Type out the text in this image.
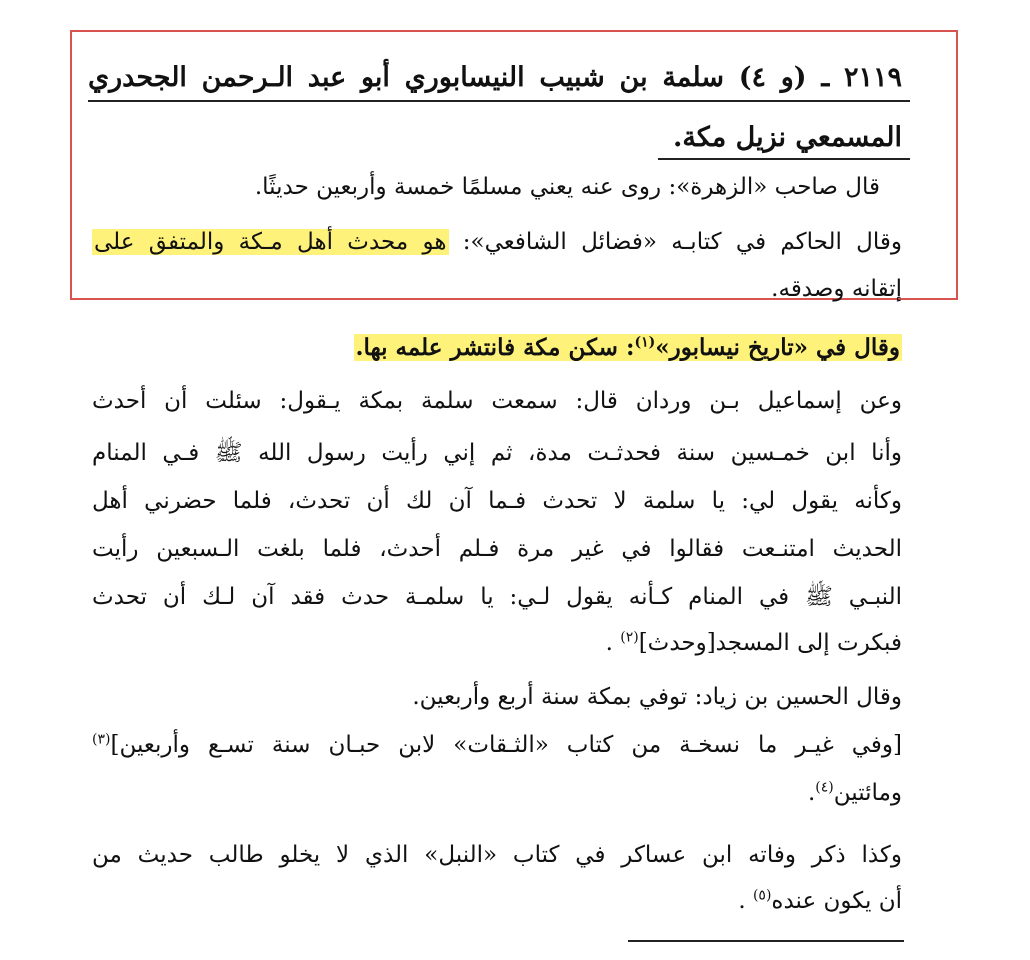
٢١١٩ ـ (و ٤) سلمة بن شبيب النيسابوري أبو عبد الـرحمن الجحدري
المسمعي نزيل مكة.
قال صاحب «الزهرة»: روى عنه يعني مسلمًا خمسة وأربعين حديثًا.
وقال الحاكم في كتابـه «فضائل الشافعي»: هو محدث أهل مـكة والمتفق على
إتقانه وصدقه.
وقال في «تاريخ نيسابور»$^{(١)}$: سكن مكة فانتشر علمه بها.
وعن إسماعيل بـن وردان قال: سمعت سلمة بمكة يـقول: سئلت أن أحدث
وأنا ابن خمـسين سنة فحدثـت مدة، ثم إني رأيت رسول الله ﷺ فـي المنام
وكأنه يقول لي: يا سلمة لا تحدث فـما آن لك أن تحدث، فلما حضرني أهل
الحديث امتنـعت فقالوا في غير مرة فـلم أحدث، فلما بلغت الـسبعين رأيت
النبـي ﷺ في المنام كـأنه يقول لـي: يا سلمـة حدث فقد آن لـك أن تحدث
فبكرت إلى المسجد[وحدث]$^{(٢)}$ .
وقال الحسين بن زياد: توفي بمكة سنة أربع وأربعين.
[وفي غيـر ما نسخـة من كتاب «الثـقات» لابن حبـان سنة تسـع وأربعين]$^{(٣)}$
ومائتين$^{(٤)}$.
وكذا ذكر وفاته ابن عساكر في كتاب «النبل» الذي لا يخلو طالب حديث من
أن يكون عنده$^{(٥)}$ .
